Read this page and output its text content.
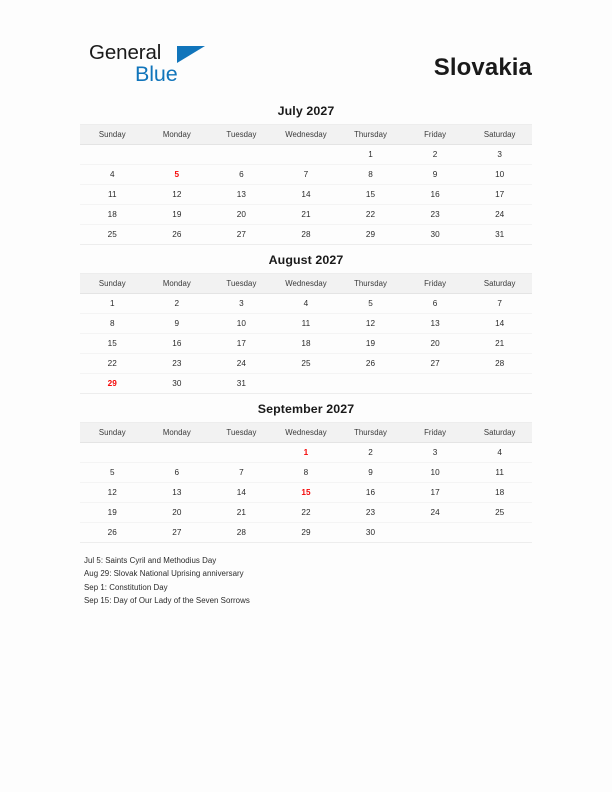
General
Blue	Slovakia
July 2027
Sunday	Monday	Tuesday	Wednesday	Thursday	Friday	Saturday
				1	2	3
4	5	6	7	8	9	10
11	12	13	14	15	16	17
18	19	20	21	22	23	24
25	26	27	28	29	30	31
August 2027
Sunday	Monday	Tuesday	Wednesday	Thursday	Friday	Saturday
1	2	3	4	5	6	7
8	9	10	11	12	13	14
15	16	17	18	19	20	21
22	23	24	25	26	27	28
29	30	31				
September 2027
Sunday	Monday	Tuesday	Wednesday	Thursday	Friday	Saturday
			1	2	3	4
5	6	7	8	9	10	11
12	13	14	15	16	17	18
19	20	21	22	23	24	25
26	27	28	29	30		
Jul 5: Saints Cyril and Methodius Day
Aug 29: Slovak National Uprising anniversary
Sep 1: Constitution Day
Sep 15: Day of Our Lady of the Seven Sorrows
